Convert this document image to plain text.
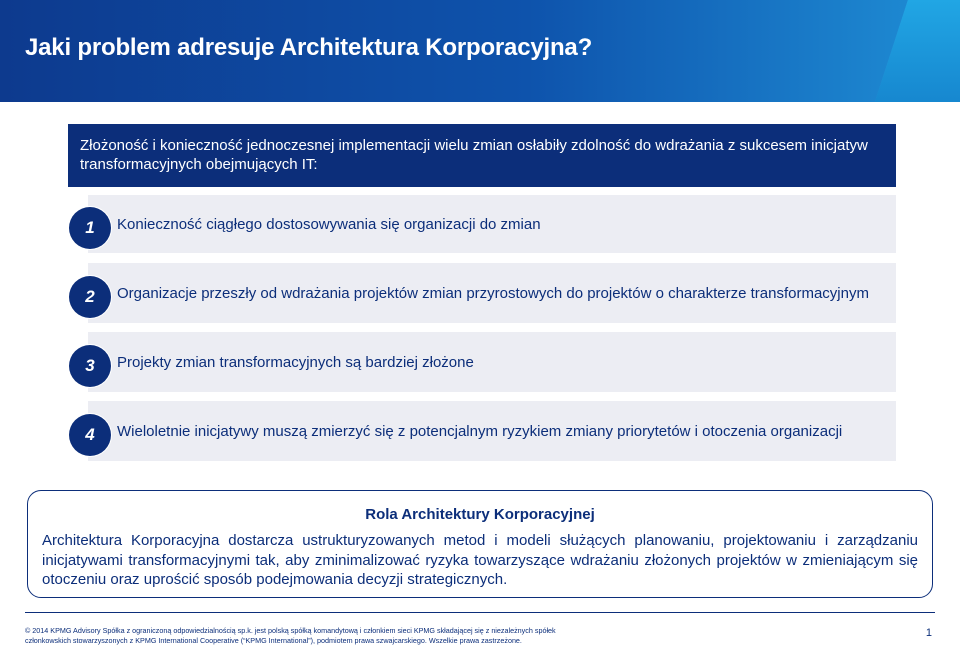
Jaki problem adresuje Architektura Korporacyjna?
Złożoność i konieczność jednoczesnej implementacji wielu zmian osłabiły zdolność do wdrażania z sukcesem inicjatyw transformacyjnych obejmujących IT:
Konieczność ciągłego dostosowywania się organizacji do zmian
1
Organizacje przeszły od wdrażania projektów zmian przyrostowych do projektów o charakterze transformacyjnym
2
Projekty zmian transformacyjnych są bardziej złożone
3
Wieloletnie inicjatywy muszą zmierzyć się z potencjalnym ryzykiem zmiany priorytetów i otoczenia organizacji
4
Rola Architektury Korporacyjnej
Architektura Korporacyjna dostarcza ustrukturyzowanych metod i modeli służących planowaniu, projektowaniu i zarządzaniu inicjatywami transformacyjnymi tak, aby zminimalizować ryzyka towarzyszące wdrażaniu złożonych projektów w zmieniającym się otoczeniu oraz uprościć sposób podejmowania decyzji strategicznych.
© 2014 KPMG Advisory Spółka z ograniczoną odpowiedzialnością sp.k. jest polską spółką komandytową i członkiem sieci KPMG składającej się z niezależnych spółek
członkowskich stowarzyszonych z KPMG International Cooperative (“KPMG International”), podmiotem prawa szwajcarskiego. Wszelkie prawa zastrzeżone.
1
